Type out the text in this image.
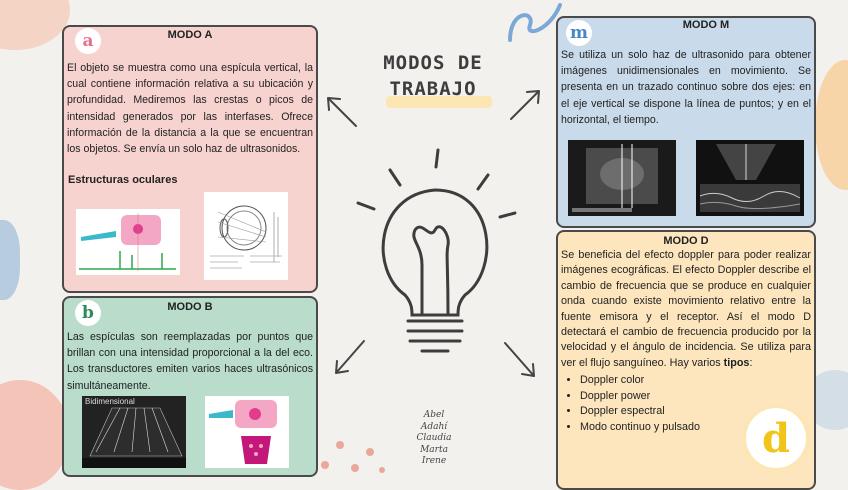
MODOS DE
TRABAJO
Abel
Adahí
Claudia
Marta
Irene
MODO A

El objeto se muestra como una espícula vertical, la cual contiene información relativa a su ubicación y profundidad. Mediremos las crestas o picos de intensidad generados por las interfases. Ofrece información de la distancia a la que se encuentran los objetos. Se envía un solo haz de ultrasonidos.

Estructuras oculares
a
MODO B

Las espículas son reemplazadas por puntos que brillan con una intensidad proporcional a la del eco. Los transductores emiten varios haces ultrasónicos simultáneamente.

Bidimensional
b
MODO M

Se utiliza un solo haz de ultrasonido para obtener imágenes unidimensionales en movimiento. Se presenta en un trazado continuo sobre dos ejes: en el eje vertical se dispone la línea de puntos; y en el horizontal, el tiempo.

m
MODO D

Se beneficia del efecto doppler para poder realizar imágenes ecográficas. El efecto Doppler describe el cambio de frecuencia que se produce en cualquier onda cuando existe movimiento relativo entre la fuente emisora y el receptor. Así el modo D detectará el cambio de frecuencia producido por la velocidad y el ángulo de incidencia. Se utiliza para ver el flujo sanguíneo. Hay varios tipos:

• Doppler color
• Doppler power
• Doppler espectral
• Modo continuo y pulsado	d
